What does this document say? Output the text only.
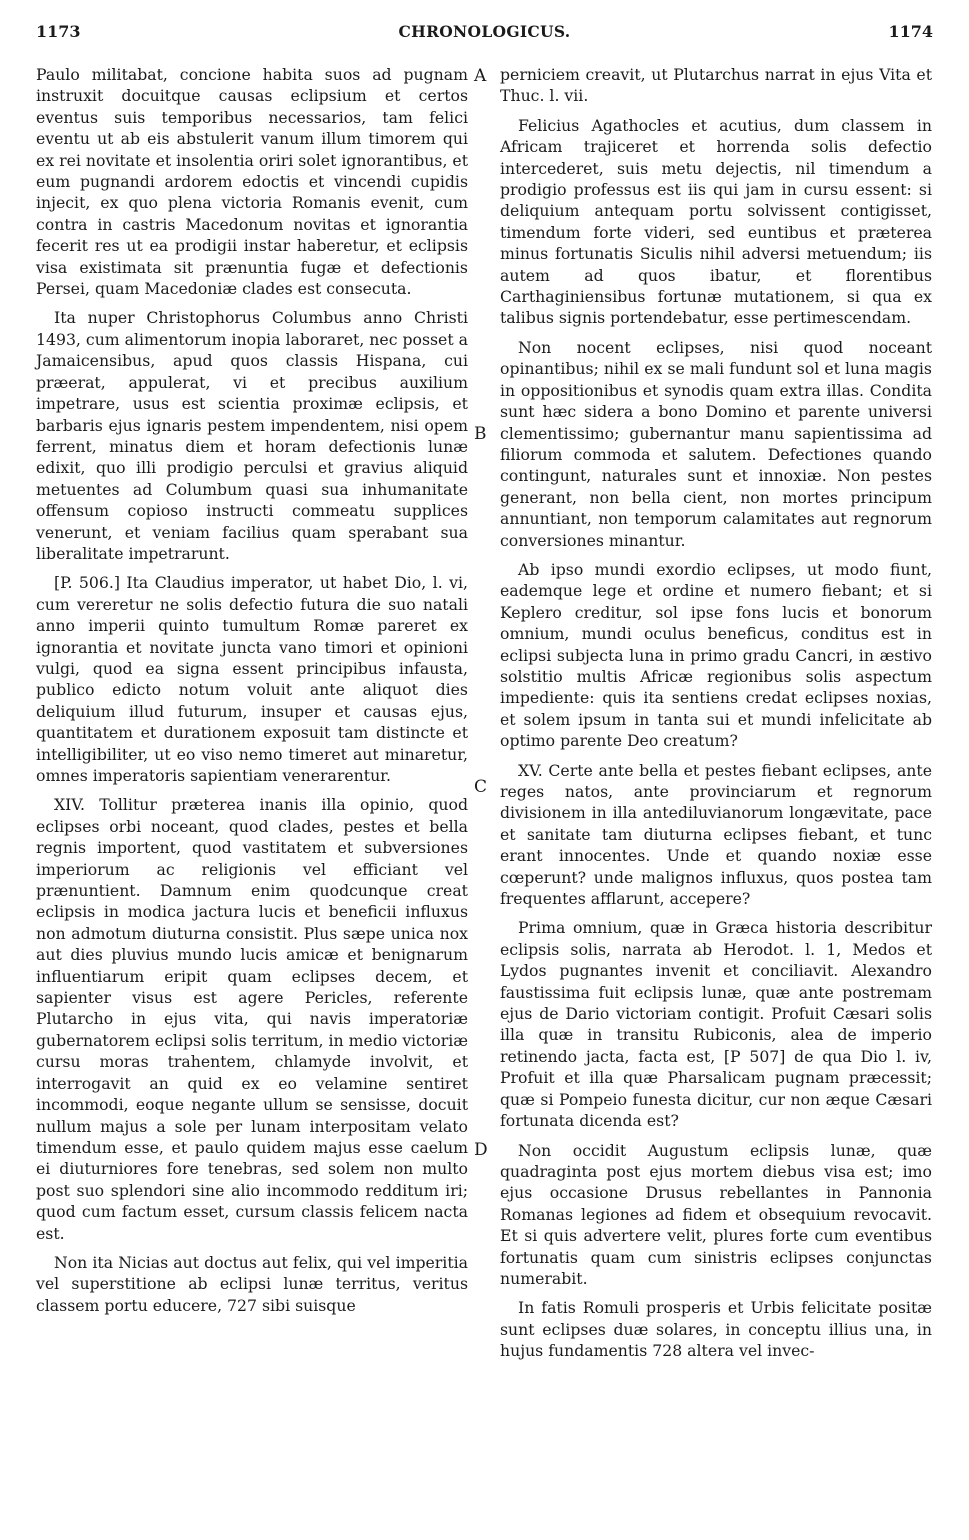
1173	CHRONOLOGICUS.	1174

Paulo militabat, concione habita suos ad pugnam instruxit docuitque causas eclipsium et certos eventus suis temporibus necessarios, tam felici eventu ut ab eis abstulerit vanum illum timorem qui ex rei novitate et insolentia oriri solet ignorantibus, et eum pugnandi ardorem edoctis et vincendi cupidis injecit, ex quo plena victoria Romanis evenit, cum contra in castris Macedonum novitas et ignorantia fecerit res ut ea prodigii instar haberetur, et eclipsis visa existimata sit prænuntia fugæ et defectionis Persei, quam Macedoniæ clades est consecuta.

Ita nuper Christophorus Columbus anno Christi 1493, cum alimentorum inopia laboraret, nec posset a Jamaicensibus, apud quos classis Hispana, cui præerat, appulerat, vi et precibus auxilium impetrare, usus est scientia proximæ eclipsis, et barbaris ejus ignaris pestem impendentem, nisi opem ferrent, minatus diem et horam defectionis lunæ edixit, quo illi prodigio perculsi et gravius aliquid metuentes ad Columbum quasi sua inhumanitate offensum copioso instructi commeatu supplices venerunt, et veniam facilius quam sperabant sua liberalitate impetrarunt.

[P. 506.] Ita Claudius imperator, ut habet Dio, l. vi, cum vereretur ne solis defectio futura die suo natali anno imperii quinto tumultum Romæ pareret ex ignorantia et novitate juncta vano timori et opinioni vulgi, quod ea signa essent principibus infausta, publico edicto notum voluit ante aliquot dies deliquium illud futurum, insuper et causas ejus, quantitatem et durationem exposuit tam distincte et intelligibiliter, ut eo viso nemo timeret aut minaretur, omnes imperatoris sapientiam venerarentur.

XIV. Tollitur præterea inanis illa opinio, quod eclipses orbi noceant, quod clades, pestes et bella regnis importent, quod vastitatem et subversiones imperiorum ac religionis vel efficiant vel prænuntient. Damnum enim quodcunque creat eclipsis in modica jactura lucis et beneficii influxus non admotum diuturna consistit. Plus sæpe unica nox aut dies pluvius mundo lucis amicæ et benignarum influentiarum eripit quam eclipses decem, et sapienter visus est agere Pericles, referente Plutarcho in ejus vita, qui navis imperatoriæ gubernatorem eclipsi solis territum, in medio victoriæ cursu moras trahentem, chlamyde involvit, et interrogavit an quid ex eo velamine sentiret incommodi, eoque negante ullum se sensisse, docuit nullum majus a sole per lunam interpositam velato timendum esse, et paulo quidem majus esse caelum ei diuturniores fore tenebras, sed solem non multo post suo splendori sine alio incommodo redditum iri; quod cum factum esset, cursum classis felicem nacta est.

Non ita Nicias aut doctus aut felix, qui vel imperitia vel superstitione ab eclipsi lunæ territus, veritus classem portu educere, 727 sibi suisque

A
B
C
D

perniciem creavit, ut Plutarchus narrat in ejus Vita et Thuc. l. vii.

Felicius Agathocles et acutius, dum classem in Africam trajiceret et horrenda solis defectio intercederet, suis metu dejectis, nil timendum a prodigio professus est iis qui jam in cursu essent: si deliquium antequam portu solvissent contigisset, timendum forte videri, sed euntibus et præterea minus fortunatis Siculis nihil adversi metuendum; iis autem ad quos ibatur, et florentibus Carthaginiensibus fortunæ mutationem, si qua ex talibus signis portendebatur, esse pertimescendam.

Non nocent eclipses, nisi quod noceant opinantibus; nihil ex se mali fundunt sol et luna magis in oppositionibus et synodis quam extra illas. Condita sunt hæc sidera a bono Domino et parente universi clementissimo; gubernantur manu sapientissima ad filiorum commoda et salutem. Defectiones quando contingunt, naturales sunt et innoxiæ. Non pestes generant, non bella cient, non mortes principum annuntiant, non temporum calamitates aut regnorum conversiones minantur.

Ab ipso mundi exordio eclipses, ut modo fiunt, eademque lege et ordine et numero fiebant; et si Keplero creditur, sol ipse fons lucis et bonorum omnium, mundi oculus beneficus, conditus est in eclipsi subjecta luna in primo gradu Cancri, in æstivo solstitio multis Africæ regionibus solis aspectum impediente: quis ita sentiens credat eclipses noxias, et solem ipsum in tanta sui et mundi infelicitate ab optimo parente Deo creatum?

XV. Certe ante bella et pestes fiebant eclipses, ante reges natos, ante provinciarum et regnorum divisionem in illa antediluvianorum longævitate, pace et sanitate tam diuturna eclipses fiebant, et tunc erant innocentes. Unde et quando noxiæ esse cœperunt? unde malignos influxus, quos postea tam frequentes afflarunt, accepere?

Prima omnium, quæ in Græca historia describitur eclipsis solis, narrata ab Herodot. l. 1, Medos et Lydos pugnantes invenit et conciliavit. Alexandro faustissima fuit eclipsis lunæ, quæ ante postremam ejus de Dario victoriam contigit. Profuit Cæsari solis illa quæ in transitu Rubiconis, alea de imperio retinendo jacta, facta est, [P 507] de qua Dio l. iv, Profuit et illa quæ Pharsalicam pugnam præcessit; quæ si Pompeio funesta dicitur, cur non æque Cæsari fortunata dicenda est?

Non occidit Augustum eclipsis lunæ, quæ quadraginta post ejus mortem diebus visa est; imo ejus occasione Drusus rebellantes in Pannonia Romanas legiones ad fidem et obsequium revocavit. Et si quis advertere velit, plures forte cum eventibus fortunatis quam cum sinistris eclipses conjunctas numerabit.

In fatis Romuli prosperis et Urbis felicitate positæ sunt eclipses duæ solares, in conceptu illius una, in hujus fundamentis 728 altera vel invec-
